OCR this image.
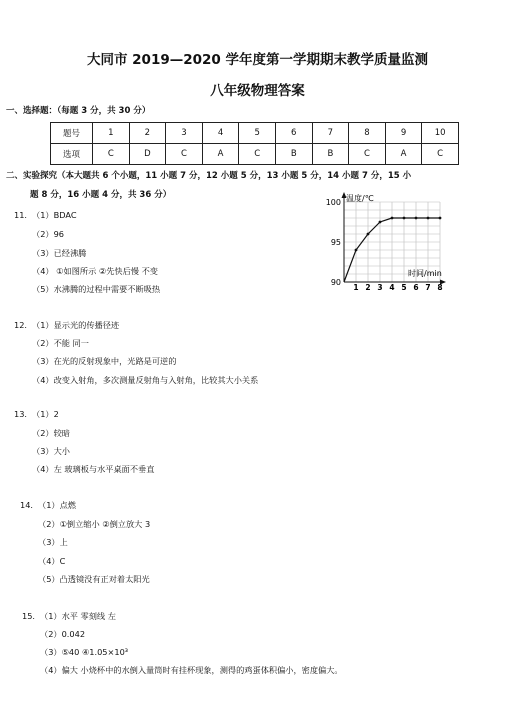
大同市 2019—2020 学年度第一学期期末教学质量监测
八年级物理答案
一、选择题：（每题 3 分，共 30 分）
题号	1	2	3	4	5	6	7	8	9	10
选项	C	D	C	A	C	B	B	C	A	C
二、实验探究（本大题共 6 个小题，11 小题 7 分，12 小题 5 分，13 小题 5 分，14 小题 7 分，15 小
题 8 分，16 小题 4 分，共 36 分）
11. （1）BDAC
（2）96
（3）已经沸腾
（4） ①如图所示 ②先快后慢 不变
（5）水沸腾的过程中需要不断吸热
温度/℃
时间/min
90
95
100
1 2 3 4 5 6 7 8
12. （1）显示光的传播径迹
（2）不能 同一
（3）在光的反射现象中，光路是可逆的
（4）改变入射角，多次测量反射角与入射角，比较其大小关系
13. （1）2
（2）较暗
（3）大小
（4）左 玻璃板与水平桌面不垂直
14. （1）点燃
（2）①倒立缩小 ②倒立放大 3
（3）上
（4）C
（5）凸透镜没有正对着太阳光
15. （1）水平 零刻线 左
（2）0.042
（3）⑤40 ④1.05×10³
（4）偏大 小烧杯中的水倒入量筒时有挂杯现象，测得的鸡蛋体积偏小，密度偏大。
